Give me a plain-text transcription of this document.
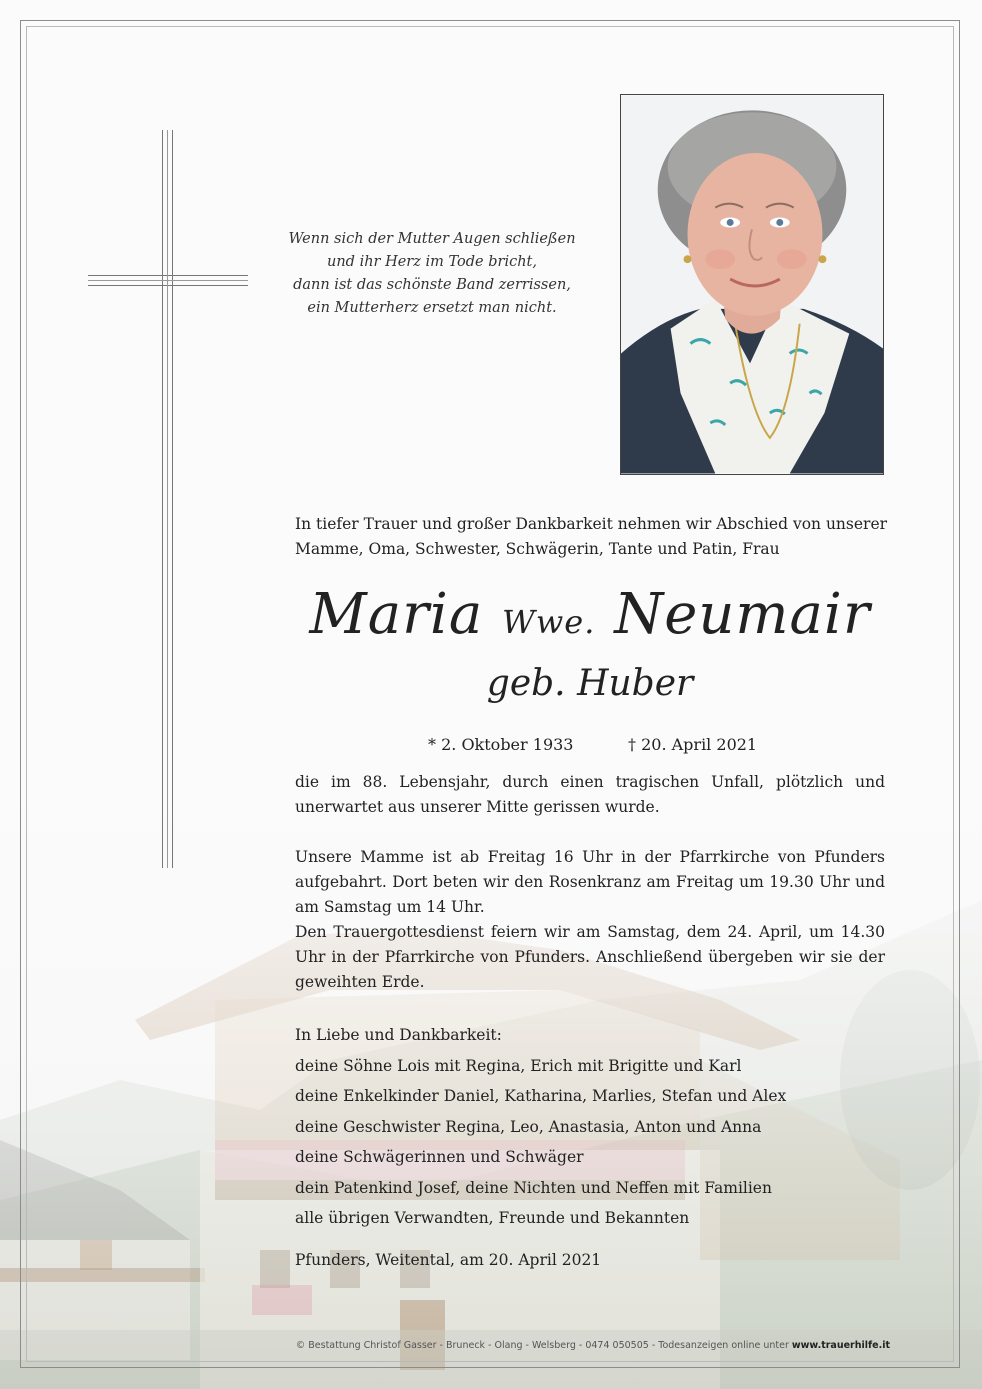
Wenn sich der Mutter Augen schließen
und ihr Herz im Tode bricht,
dann ist das schönste Band zerrissen,
ein Mutterherz ersetzt man nicht.
In tiefer Trauer und großer Dankbarkeit nehmen wir Abschied von unserer
Mamme, Oma, Schwester, Schwägerin, Tante und Patin, Frau
Maria Wwe. Neumair
geb. Huber
* 2. Oktober 1933	† 20. April 2021
die im 88. Lebensjahr, durch einen tragischen Unfall, plötzlich und unerwartet aus unserer Mitte gerissen wurde.
Unsere Mamme ist ab Freitag 16 Uhr in der Pfarrkirche von Pfunders aufgebahrt. Dort beten wir den Rosenkranz am Freitag um 19.30 Uhr und am Samstag um 14 Uhr.
Den Trauergottesdienst feiern wir am Samstag, dem 24. April, um 14.30 Uhr in der Pfarrkirche von Pfunders. Anschließend übergeben wir sie der geweihten Erde.
In Liebe und Dankbarkeit:
deine Söhne Lois mit Regina, Erich mit Brigitte und Karl
deine Enkelkinder Daniel, Katharina, Marlies, Stefan und Alex
deine Geschwister Regina, Leo, Anastasia, Anton und Anna
deine Schwägerinnen und Schwäger
dein Patenkind Josef, deine Nichten und Neffen mit Familien
alle übrigen Verwandten, Freunde und Bekannten
Pfunders, Weitental, am 20. April 2021
© Bestattung Christof Gasser - Bruneck - Olang - Welsberg - 0474 050505 - Todesanzeigen online unter www.trauerhilfe.it
